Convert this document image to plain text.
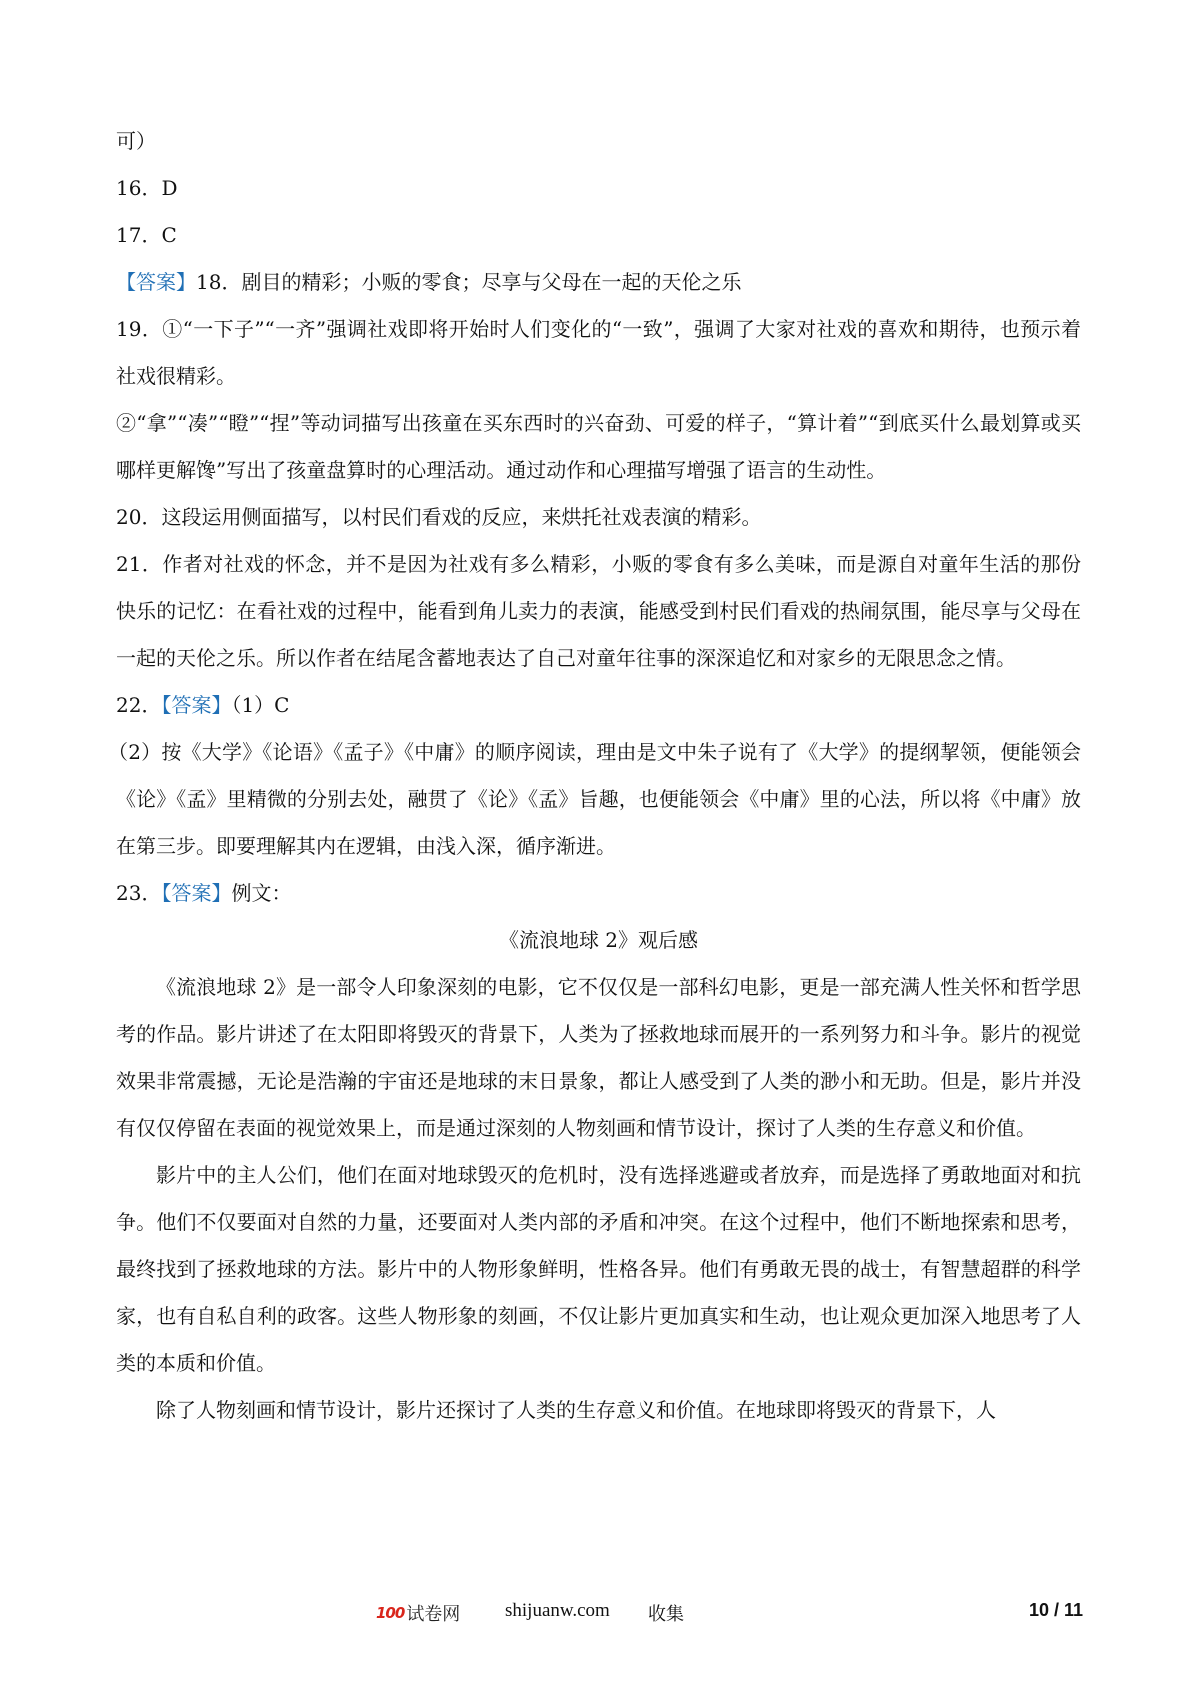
可）

16．D

17．C

【答案】18．剧目的精彩；小贩的零食；尽享与父母在一起的天伦之乐

19．①“一下子”“一齐”强调社戏即将开始时人们变化的“一致”，强调了大家对社戏的喜欢和期待，也预示着社戏很精彩。

②“拿”“凑”“瞪”“捏”等动词描写出孩童在买东西时的兴奋劲、可爱的样子，“算计着”“到底买什么最划算或买哪样更解馋”写出了孩童盘算时的心理活动。通过动作和心理描写增强了语言的生动性。

20．这段运用侧面描写，以村民们看戏的反应，来烘托社戏表演的精彩。

21．作者对社戏的怀念，并不是因为社戏有多么精彩，小贩的零食有多么美味，而是源自对童年生活的那份快乐的记忆：在看社戏的过程中，能看到角儿卖力的表演，能感受到村民们看戏的热闹氛围，能尽享与父母在一起的天伦之乐。所以作者在结尾含蓄地表达了自己对童年往事的深深追忆和对家乡的无限思念之情。

22．【答案】（1）C

（2）按《大学》《论语》《孟子》《中庸》的顺序阅读，理由是文中朱子说有了《大学》的提纲挈领，便能领会《论》《孟》里精微的分别去处，融贯了《论》《孟》旨趣，也便能领会《中庸》里的心法，所以将《中庸》放在第三步。即要理解其内在逻辑，由浅入深，循序渐进。

23．【答案】例文：

《流浪地球 2》观后感

《流浪地球 2》是一部令人印象深刻的电影，它不仅仅是一部科幻电影，更是一部充满人性关怀和哲学思考的作品。影片讲述了在太阳即将毁灭的背景下，人类为了拯救地球而展开的一系列努力和斗争。影片的视觉效果非常震撼，无论是浩瀚的宇宙还是地球的末日景象，都让人感受到了人类的渺小和无助。但是，影片并没有仅仅停留在表面的视觉效果上，而是通过深刻的人物刻画和情节设计，探讨了人类的生存意义和价值。

影片中的主人公们，他们在面对地球毁灭的危机时，没有选择逃避或者放弃，而是选择了勇敢地面对和抗争。他们不仅要面对自然的力量，还要面对人类内部的矛盾和冲突。在这个过程中，他们不断地探索和思考，最终找到了拯救地球的方法。影片中的人物形象鲜明，性格各异。他们有勇敢无畏的战士，有智慧超群的科学家，也有自私自利的政客。这些人物形象的刻画，不仅让影片更加真实和生动，也让观众更加深入地思考了人类的本质和价值。

除了人物刻画和情节设计，影片还探讨了人类的生存意义和价值。在地球即将毁灭的背景下，人

100 试卷网 shijuanw.com 收集	10 / 11
